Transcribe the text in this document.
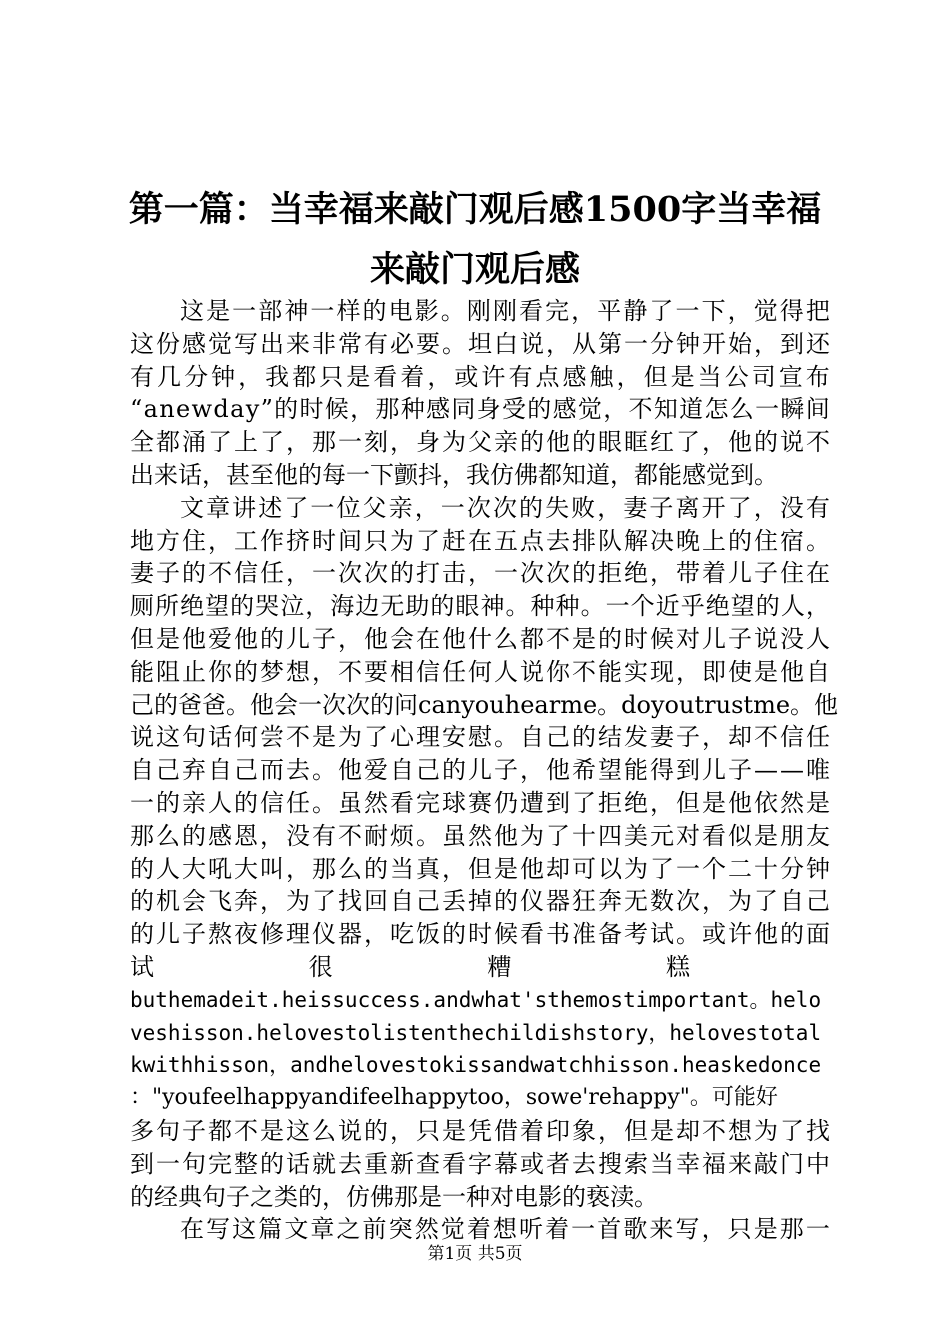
第一篇：当幸福来敲门观后感1500字当幸福
来敲门观后感
这 是 一 部 神 一 样 的 电 影 。 刚 刚 看 完 ， 平 静 了 一 下 ， 觉 得 把
这 份 感 觉 写 出 来 非 常 有 必 要 。 坦 白 说 ， 从 第 一 分 钟 开 始 ， 到 还
有 几 分 钟 ， 我 都 只 是 看 着 ， 或 许 有 点 感 触 ， 但 是 当 公 司 宣 布
“ a n e w d a y ” 的 时 候 ， 那 种 感 同 身 受 的 感 觉 ， 不 知 道 怎 么 一 瞬 间
全 都 涌 了 上 了 ， 那 一 刻 ， 身 为 父 亲 的 他 的 眼 眶 红 了 ， 他 的 说 不
出来话，甚至他的每一下颤抖，我仿佛都知道，都能感觉到。
文 章 讲 述 了 一 位 父 亲 ， 一 次 次 的 失 败 ， 妻 子 离 开 了 ， 没 有
地 方 住 ， 工 作 挤 时 间 只 为 了 赶 在 五 点 去 排 队 解 决 晚 上 的 住 宿 。
妻 子 的 不 信 任 ， 一 次 次 的 打 击 ， 一 次 次 的 拒 绝 ， 带 着 儿 子 住 在
厕 所 绝 望 的 哭 泣 ， 海 边 无 助 的 眼 神 。 种 种 。 一 个 近 乎 绝 望 的 人 ，
但 是 他 爱 他 的 儿 子 ， 他 会 在 他 什 么 都 不 是 的 时 候 对 儿 子 说 没 人
能 阻 止 你 的 梦 想 ， 不 要 相 信 任 何 人 说 你 不 能 实 现 ， 即 使 是 他 自
己 的 爸 爸 。 他 会 一 次 次 的 问 c a n y o u h e a r m e 。 d o y o u t r u s t m e 。 他
说 这 句 话 何 尝 不 是 为 了 心 理 安 慰 。 自 己 的 结 发 妻 子 ， 却 不 信 任
自 己 弃 自 己 而 去 。 他 爱 自 己 的 儿 子 ， 他 希 望 能 得 到 儿 子 — — 唯
一 的 亲 人 的 信 任 。 虽 然 看 完 球 赛 仍 遭 到 了 拒 绝 ， 但 是 他 依 然 是
那 么 的 感 恩 ， 没 有 不 耐 烦 。 虽 然 他 为 了 十 四 美 元 对 看 似 是 朋 友
的 人 大 吼 大 叫 ， 那 么 的 当 真 ， 但 是 他 却 可 以 为 了 一 个 二 十 分 钟
的 机 会 飞 奔 ， 为 了 找 回 自 己 丢 掉 的 仪 器 狂 奔 无 数 次 ， 为 了 自 己
的 儿 子 熬 夜 修 理 仪 器 ， 吃 饭 的 时 候 看 书 准 备 考 试 。 或 许 他 的 面
试	很	糟	糕
buthemadeit.heissuccess.andwhat'sthemostimportant。helo
veshisson.helovestolistenthechildishstory，helovestotal
kwithhisson，andhelovestokissandwatchhisson.heaskedonce
："youfeelhappyandifeelhappytoo，sowe'rehappy"。可能好
多 句 子 都 不 是 这 么 说 的 ， 只 是 凭 借 着 印 象 ， 但 是 却 不 想 为 了 找
到 一 句 完 整 的 话 就 去 重 新 查 看 字 幕 或 者 去 搜 索 当 幸 福 来 敲 门 中
的经典句子之类的，仿佛那是一种对电影的亵渎。
在 写 这 篇 文 章 之 前 突 然 觉 着 想 听 着 一 首 歌 来 写 ， 只 是 那 一
第1页 共5页
